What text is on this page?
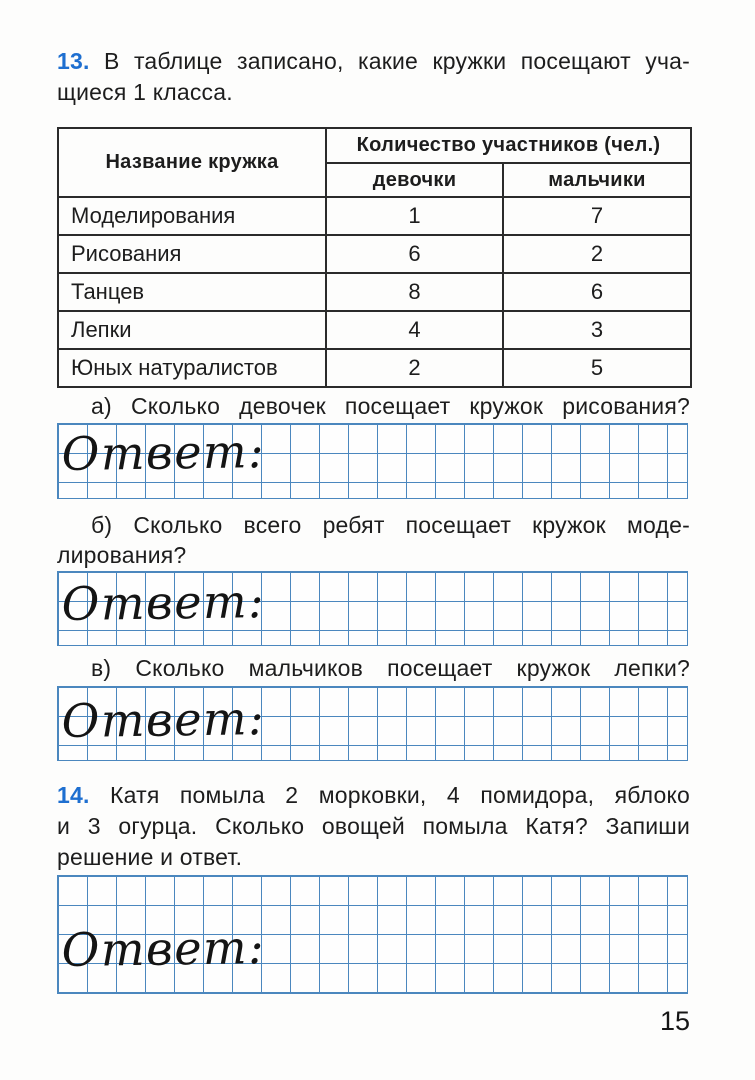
13. В таблице записано, какие кружки посещают уча-
щиеся 1 класса.
Название кружка	Количество участников (чел.)	
	девочки	мальчики
Моделирования	1	7
Рисования	6	2
Танцев	8	6
Лепки	4	3
Юных натуралистов	2	5
а) Сколько девочек посещает кружок рисования?
Ответ:
б) Сколько всего ребят посещает кружок моде-
лирования?
Ответ:
в) Сколько мальчиков посещает кружок лепки?
Ответ:
14. Катя помыла 2 морковки, 4 помидора, яблоко
и 3 огурца. Сколько овощей помыла Катя? Запиши
решение и ответ.
Ответ:
15
